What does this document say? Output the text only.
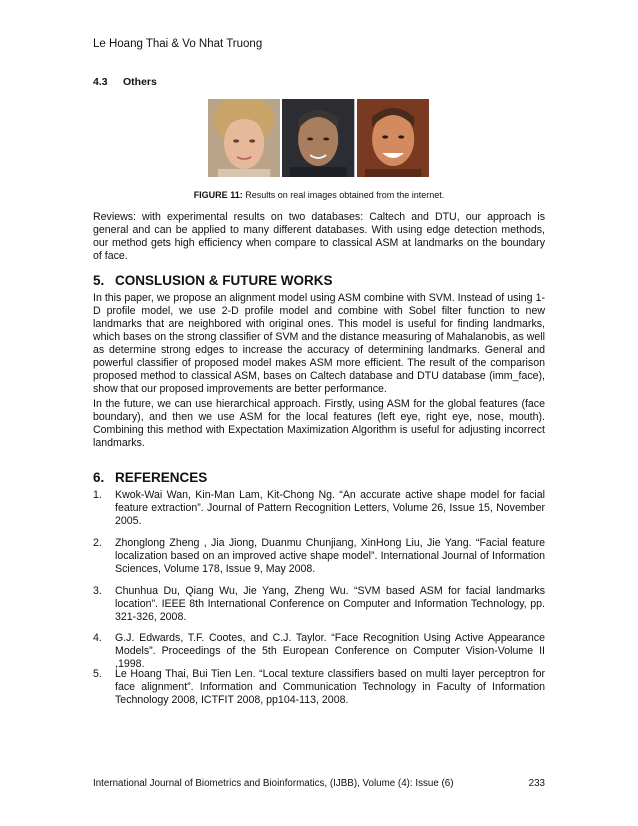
Le Hoang Thai & Vo Nhat Truong
4.3 Others
FIGURE 11: Results on real images obtained from the internet.
Reviews: with experimental results on two databases: Caltech and DTU, our approach is general and can be applied to many different databases. With using edge detection methods, our method gets high efficiency when compare to classical ASM at landmarks on the boundary of face.
5. CONSLUSION & FUTURE WORKS
In this paper, we propose an alignment model using ASM combine with SVM. Instead of using 1-D profile model, we use 2-D profile model and combine with Sobel filter function to new landmarks that are neighbored with original ones. This model is useful for finding landmarks, which bases on the strong classifier of SVM and the distance measuring of Mahalanobis, as well as determine strong edges to increase the accuracy of determining landmarks. General and powerful classifier of proposed model makes ASM more efficient. The result of the comparison proposed method to classical ASM, bases on Caltech database and DTU database (imm_face), show that our proposed improvements are better performance.
In the future, we can use hierarchical approach. Firstly, using ASM for the global features (face boundary), and then we use ASM for the local features (left eye, right eye, nose, mouth). Combining this method with Expectation Maximization Algorithm is useful for adjusting incorrect landmarks.
6. REFERENCES
1.	Kwok-Wai Wan, Kin-Man Lam, Kit-Chong Ng. “An accurate active shape model for facial feature extraction”. Journal of Pattern Recognition Letters, Volume 26, Issue 15, November 2005.
2.	Zhonglong Zheng , Jia Jiong, Duanmu Chunjiang, XinHong Liu, Jie Yang. “Facial feature localization based on an improved active shape model”. International Journal of Information Sciences, Volume 178, Issue 9, May 2008.
3.	Chunhua Du, Qiang Wu, Jie Yang, Zheng Wu. “SVM based ASM for facial landmarks location”. IEEE 8th International Conference on Computer and Information Technology, pp. 321-326, 2008.
4.	G.J. Edwards, T.F. Cootes, and C.J. Taylor. “Face Recognition Using Active Appearance Models”. Proceedings of the 5th European Conference on Computer Vision-Volume II ,1998.
5.	Le Hoang Thai, Bui Tien Len. “Local texture classifiers based on multi layer perceptron for face alignment”. Information and Communication Technology in Faculty of Information Technology 2008, ICTFIT 2008, pp104-113, 2008.
International Journal of Biometrics and Bioinformatics, (IJBB), Volume (4): Issue (6)	233
